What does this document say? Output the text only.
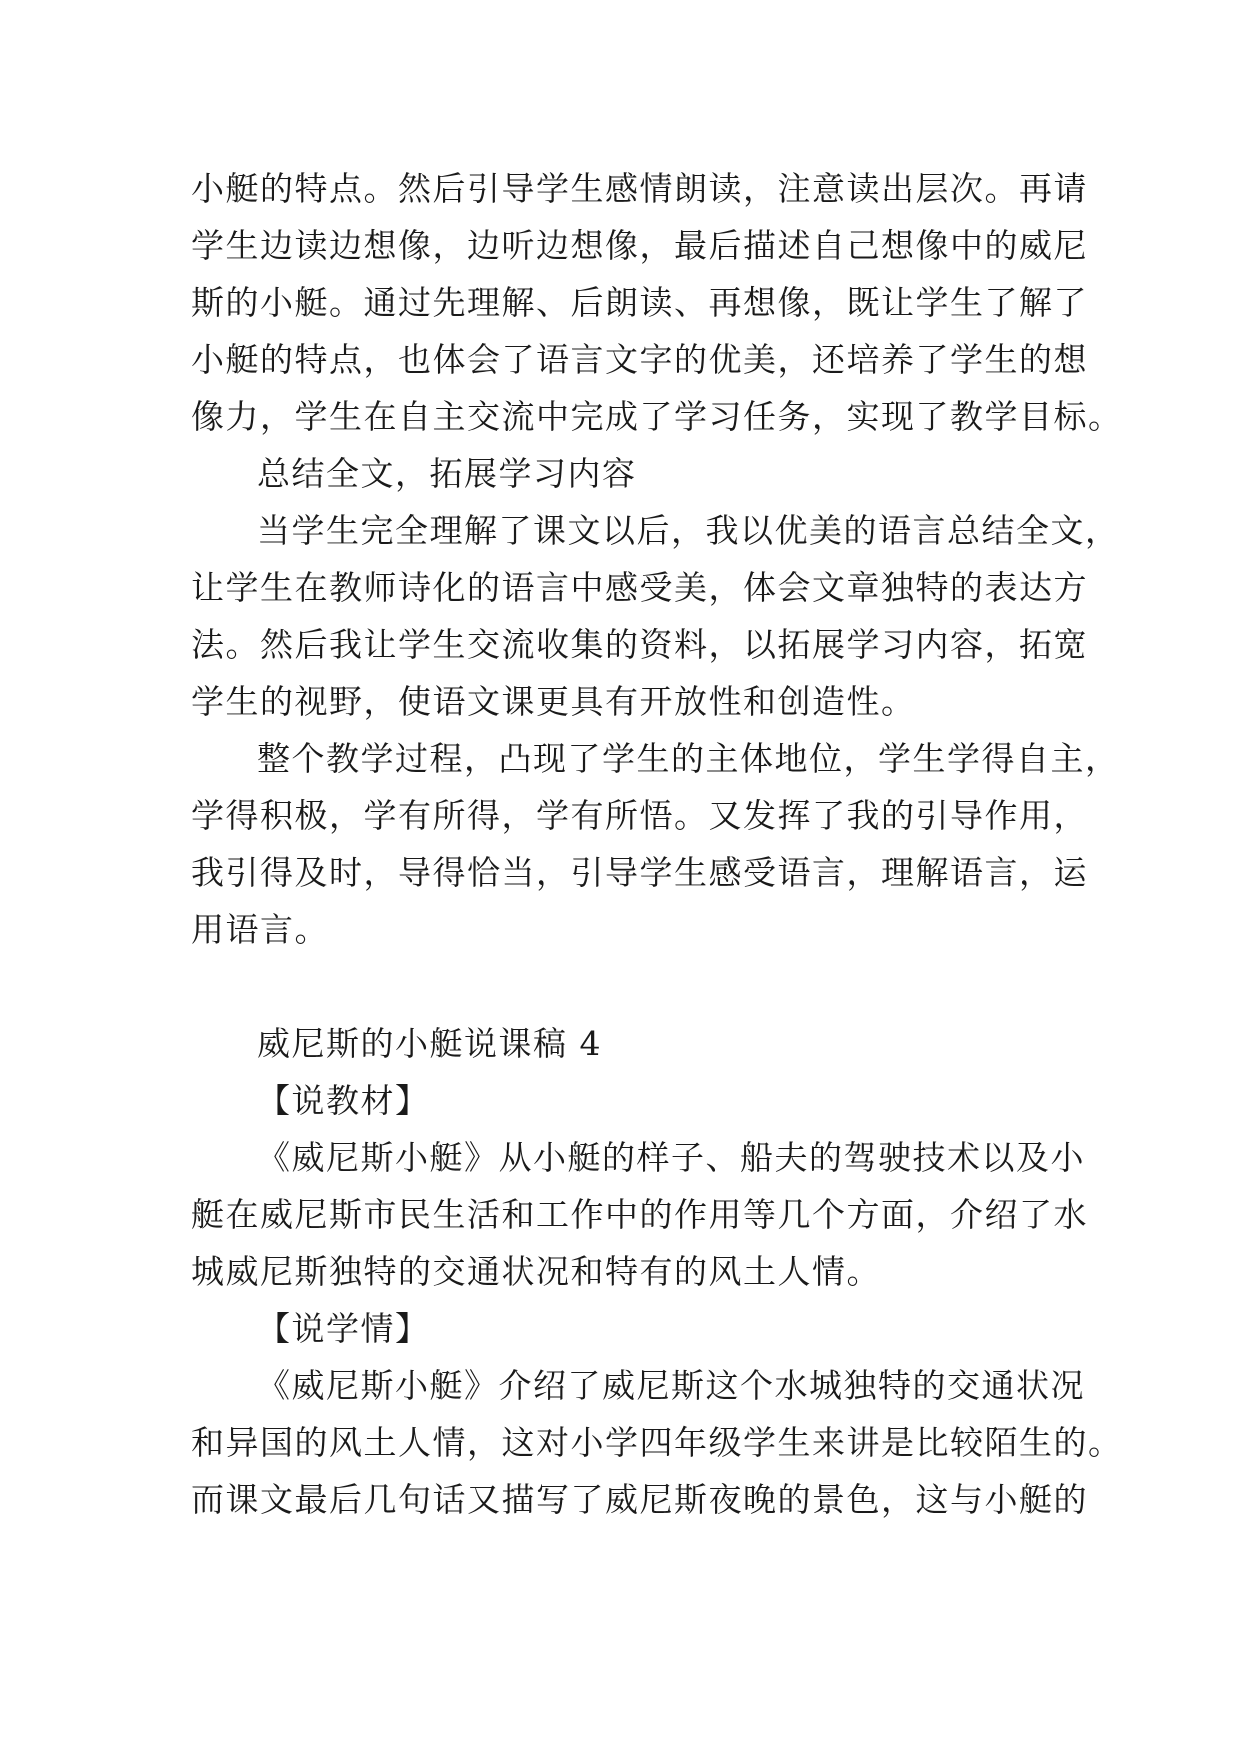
小艇的特点。然后引导学生感情朗读，注意读出层次。再请
学生边读边想像，边听边想像，最后描述自己想像中的威尼
斯的小艇。通过先理解、后朗读、再想像，既让学生了解了
小艇的特点，也体会了语言文字的优美，还培养了学生的想
像力，学生在自主交流中完成了学习任务，实现了教学目标。
总结全文，拓展学习内容
当学生完全理解了课文以后，我以优美的语言总结全文，
让学生在教师诗化的语言中感受美，体会文章独特的表达方
法。然后我让学生交流收集的资料，以拓展学习内容，拓宽
学生的视野，使语文课更具有开放性和创造性。
整个教学过程，凸现了学生的主体地位，学生学得自主，
学得积极，学有所得，学有所悟。又发挥了我的引导作用，
我引得及时，导得恰当，引导学生感受语言，理解语言，运
用语言。
威尼斯的小艇说课稿 4
【说教材】
《威尼斯小艇》从小艇的样子、船夫的驾驶技术以及小
艇在威尼斯市民生活和工作中的作用等几个方面，介绍了水
城威尼斯独特的交通状况和特有的风土人情。
【说学情】
《威尼斯小艇》介绍了威尼斯这个水城独特的交通状况
和异国的风土人情，这对小学四年级学生来讲是比较陌生的。
而课文最后几句话又描写了威尼斯夜晚的景色，这与小艇的
